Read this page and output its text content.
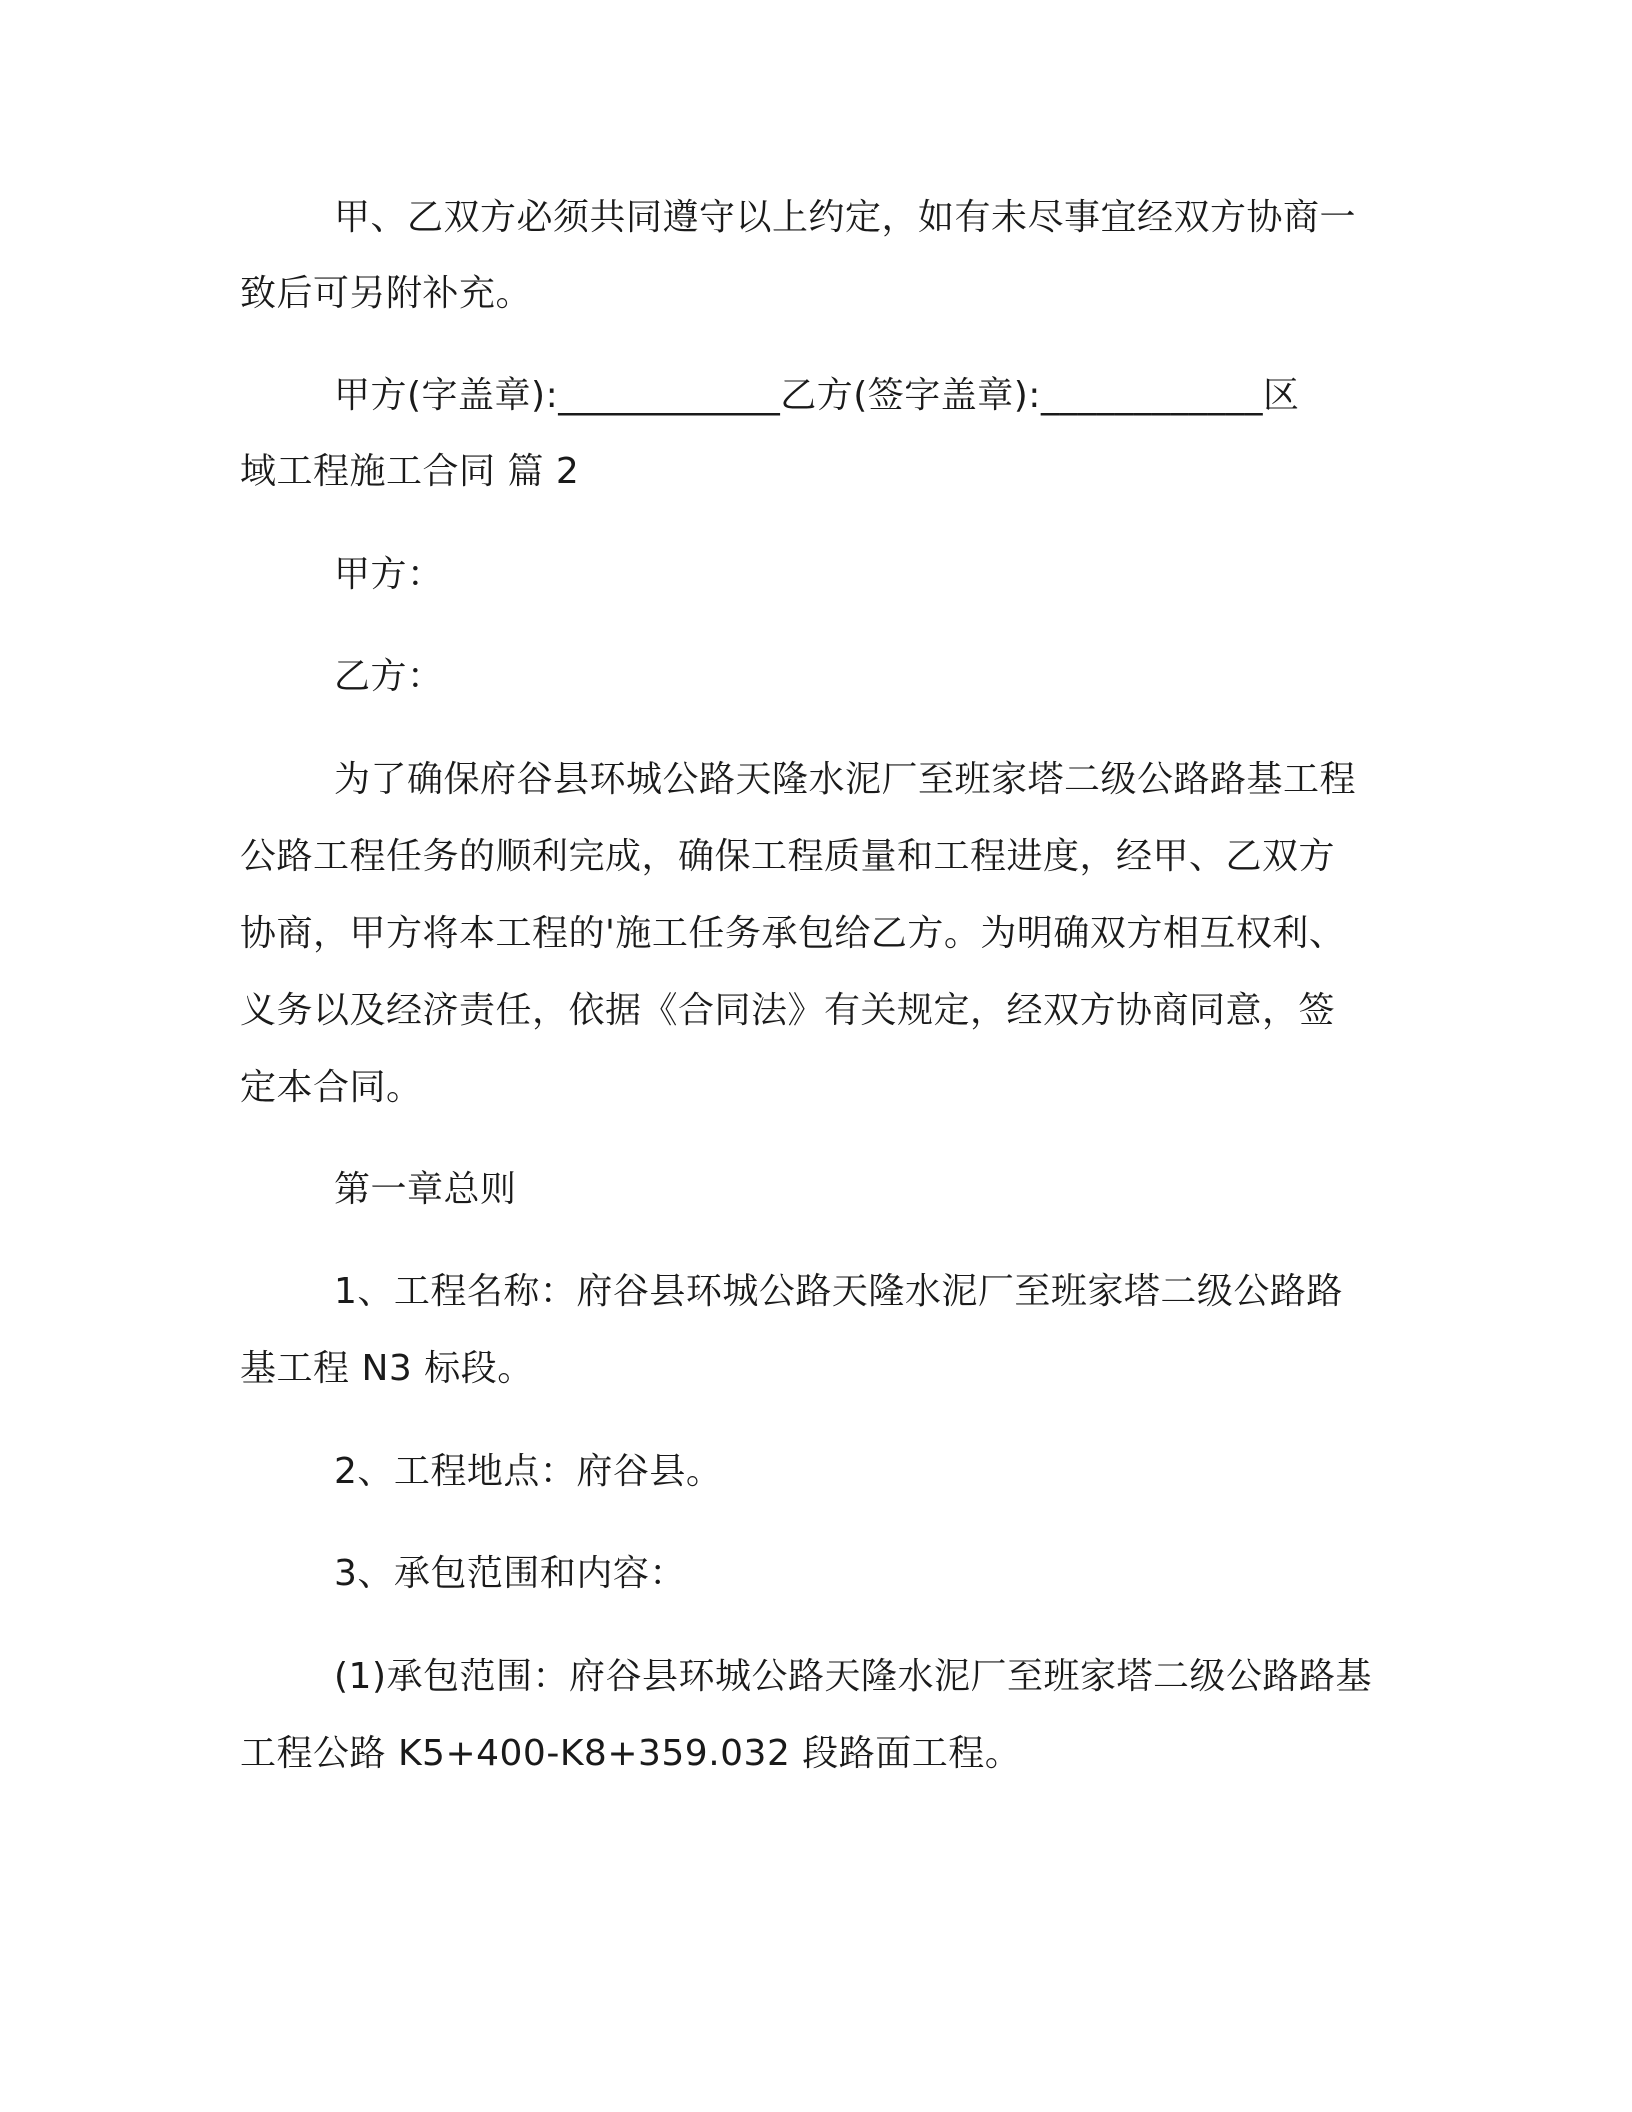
甲、乙双方必须共同遵守以上约定，如有未尽事宜经双方协商一
致后可另附补充。
甲方(字盖章):____________乙方(签字盖章):____________区
域工程施工合同 篇 2
甲方：
乙方：
为了确保府谷县环城公路天隆水泥厂至班家塔二级公路路基工程
公路工程任务的顺利完成，确保工程质量和工程进度，经甲、乙双方
协商，甲方将本工程的'施工任务承包给乙方。为明确双方相互权利、
义务以及经济责任，依据《合同法》有关规定，经双方协商同意，签
定本合同。
第一章总则
1、工程名称：府谷县环城公路天隆水泥厂至班家塔二级公路路
基工程 N3 标段。
2、工程地点：府谷县。
3、承包范围和内容：
(1)承包范围：府谷县环城公路天隆水泥厂至班家塔二级公路路基
工程公路 K5+400-K8+359.032 段路面工程。
